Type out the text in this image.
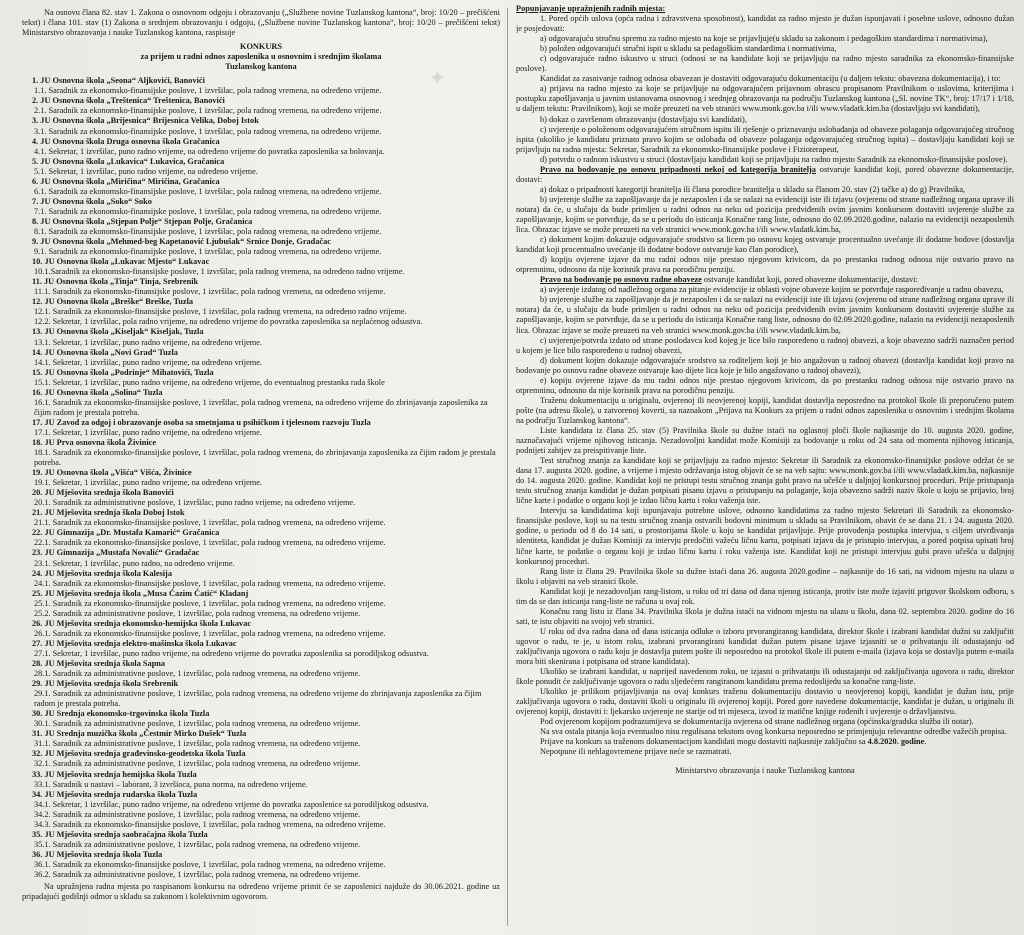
✦
Na osnovu člana 82. stav 1. Zakona o osnovnom odgoju i obrazovanju („Službene novine Tuzlanskog kantona“, broj: 10/20 – prečišćeni tekst) i člana 101. stav (1) Zakona o srednjem obrazovanju i odgoju, („Službene novine Tuzlanskog kantona“, broj: 10/20 – prečišćeni tekst) Ministarstvo obrazovanja i nauke Tuzlanskog kantona, raspisuje
KONKURS
za prijem u radni odnos zaposlenika u osnovnim i srednjim školama
Tuzlanskog kantona
1. JU Osnovna škola „Seona“ Aljkovići, Banovići
1.1. Saradnik za ekonomsko-finansijske poslove, 1 izvršilac, pola radnog vremena, na određeno vrijeme.
2. JU Osnovna škola „Treštenica“ Treštenica, Banovići
2.1. Saradnik za ekonomsko-finansijske poslove, 1 izvršilac, pola radnog vremena, na određeno vrijeme.
3. JU Osnovna škola „Brijesnica“ Brijesnica Velika, Doboj Istok
3.1. Saradnik za ekonomsko-finansijske poslove, 1 izvršilac, pola radnog vremena, na određeno vrijeme.
4. JU Osnovna škola Druga osnovna škola Gračanica
4.1. Sekretar, 1 izvršilac, puno radno vrijeme, na određeno vrijeme do povratka zaposlenika sa bolovanja.
5. JU Osnovna škola „Lukavica“ Lukavica, Gračanica
5.1. Sekretar, 1 izvršilac, puno radno vrijeme, na određeno vrijeme.
6. JU Osnovna škola „Miričina“ Miričina, Gračanica
6.1. Saradnik za ekonomsko-finansijske poslove, 1 izvršilac, pola radnog vremena, na određeno vrijeme.
7. JU Osnovna škola „Soko“ Soko
7.1. Saradnik za ekonomsko-finansijske poslove, 1 izvršilac, pola radnog vremena, na određeno vrijeme.
8. JU Osnovna škola „Stjepan Polje“ Stjepan Polje, Gračanica
8.1. Saradnik za ekonomsko-finansijske poslove, 1 izvršilac, pola radnog vremena, na određeno vrijeme.
9. JU Osnovna škola „Mehmed-beg Kapetanović Ljubušak“ Srnice Donje, Gradačac
9.1. Saradnik za ekonomsko-finansijske poslove, 1 izvršilac, pola radnog vremena, na određeno vrijeme.
10. JU Osnovna škola „Lukavac Mjesto“ Lukavac
10.1.Saradnik za ekonomsko-finansijske poslove, 1 izvršilac, pola radnog vremena, na određeno radno vrijeme.
11. JU Osnovna škola „Tinja“ Tinja, Srebrenik
11.1. Saradnik za ekonomsko-finansijske poslove, 1 izvršilac, pola radnog vremena, na određeno vrijeme.
12. JU Osnovna škola „Breške“ Breške, Tuzla
12.1. Saradnik za ekonomsko-finansijske poslove, 1 izvršilac, pola radnog vremena, na određeno radno vrijeme.
12.2. Sekretar, 1 izvršilac, pola radno vrijeme, na određeno vrijeme do povratka zaposlenika sa neplaćenog odsustva.
13. JU Osnovna škola „Kiseljak“ Kiseljak, Tuzla
13.1. Sekretar, 1 izvršilac, puno radno vrijeme, na određeno vrijeme.
14. JU Osnovna škola „Novi Grad“ Tuzla
14.1. Sekretar, 1 izvršilac, puno radno vrijeme, na određeno vrijeme.
15. JU Osnovna škola „Podrinje“ Mihatovići, Tuzla
15.1. Sekretar, 1 izvršilac, puno radno vrijeme, na određeno vrijeme, do eventualnog prestanka rada škole
16. JU Osnovna škola „Solina“ Tuzla
16.1. Saradnik za ekonomsko-finansijske poslove, 1 izvršilac, pola radnog vremena, na određeno vrijeme do zbrinjavanja zaposlenika za čijim radom je prestala potreba.
17. JU Zavod za odgoj i obrazovanje osoba sa smetnjama u psihičkom i tjelesnom razvoju Tuzla
17.1. Sekretar, 1 izvršilac, puno radno vrijeme, na određeno vrijeme.
18. JU Prva osnovna škola Živinice
18.1. Saradnik za ekonomsko-finansijske poslove, 1 izvršilac, pola radnog vremena, do zbrinjavanja zaposlenika za čijim radom je prestala potreba.
19. JU Osnovna škola „Višća“ Višća, Živinice
19.1. Sekretar, 1 izvršilac, puno radno vrijeme, na određeno vrijeme.
20. JU Mješovita srednja škola Banovići
20.1. Saradnik za administrativne poslove, 1 izvršilac, puno radno vrijeme, na određeno vrijeme.
21. JU Mješovita srednja škola Doboj Istok
21.1. Saradnik za ekonomsko-finansijske poslove, 1 izvršilac, pola radnog vremena, na određeno vrijeme.
22. JU Gimnazija „Dr. Mustafa Kamarić“ Gračanica
22.1. Saradnik za ekonomsko-finansijske poslove, 1 izvršilac, pola radnog vremena, na određeno vrijeme.
23. JU Gimnazija „Mustafa Novalić“ Gradačac
23.1. Sekretar, 1 izvršilac, puno radno, na određeno vrijeme.
24. JU Mješovita srednja škola Kalesija
24.1. Saradnik za ekonomsko-finansijske poslove, 1 izvršilac, pola radnog vremena, na određeno vrijeme.
25. JU Mješovita srednja škola „Musa Ćazim Ćatić“ Kladanj
25.1. Saradnik za ekonomsko-finansijske poslove, 1 izvršilac, pola radnog vremena, na određeno vrijeme.
25.2. Saradnik za administrativne poslove, 1 izvršilac, pola radnog vremena, na određeno vrijeme.
26. JU Mješovita srednja ekonomsko-hemijska škola Lukavac
26.1. Saradnik za ekonomsko-finansijske poslove, 1 izvršilac, pola radnog vremena, na određeno vrijeme.
27. JU Mješovita srednja elektro-mašinska škola Lukavac
27.1. Sekretar, 1 izvršilac, puno radno vrijeme, na određeno vrijeme do povratka zaposlenika sa porodiljskog odsustva.
28. JU Mješovita srednja škola Sapna
28.1. Saradnik za administrativne poslove, 1 izvršilac, pola radnog vremena, na određeno vrijeme.
29. JU Mješovita srednja škola Srebrenik
29.1. Saradnik za administrativne poslove, 1 izvršilac, pola radnog vremena, na određeno vrijeme do zbrinjavanja zaposlenika za čijim radom je prestala potreba.
30. JU Srednja ekonomsko-trgovinska škola Tuzla
30.1. Saradnik za administrativne poslove, 1 izvršilac, pola radnog vremena, na određeno vrijeme.
31. JU Srednja muzička škola „Čestmir Mirko Dušek“ Tuzla
31.1. Saradnik za administrativne poslove, 1 izvršilac, pola radnog vremena, na određeno vrijeme.
32. JU Mješovita srednja građevinsko-geodetska škola Tuzla
32.1. Saradnik za administrativne poslove, 1 izvršilac, pola radnog vremena, na određeno vrijeme.
33. JU Mješovita srednja hemijska škola Tuzla
33.1. Saradnik u nastavi – laborant, 3 izvršioca, puna norma, na određeno vrijeme.
34. JU Mješovita srednja rudarska škola Tuzla
34.1. Sekretar, 1 izvršilac, puno radno vrijeme, na određeno vrijeme do povratka zaposlenice sa porodiljskog odsustva.
34.2. Saradnik za administrativne poslove, 1 izvršilac, pola radnog vremena, na određeno vrijeme.
34.3. Saradnik za ekonomsko-finansijske poslove, 1 izvršilac, pola radnog vremena, na određeno vrijeme.
35. JU Mješovita srednja saobraćajna škola Tuzla
35.1. Saradnik za administrativne poslove, 1 izvršilac, pola radnog vremena, na određeno vrijeme.
36. JU Mješovita srednja škola Tuzla
36.1. Saradnik za ekonomsko-finansijske poslove, 1 izvršilac, pola radnog vremena, na određeno vrijeme.
36.2. Saradnik za administrativne poslove, 1 izvršilac, pola radnog vremena, na određeno vrijeme.
Na upražnjena radna mjesta po raspisanom konkursu na određeno vrijeme primit će se zaposlenici najduže do 30.06.2021. godine uz pripadajući godišnji odmor u skladu sa zakonom i kolektivnim ugovorom.
Popunjavanje upražnjenih radnih mjesta:
1. Pored općih uslova (opća radna i zdravstvena sposobnost), kandidat za radno mjesto je dužan ispunjavati i posebne uslove, odnosno dužan je posjedovati:
a) odgovarajuću stručnu spremu za radno mjesto na koje se prijavljuje(u skladu sa zakonom i pedagoškim standardima i normativima),
b) položen odgovarajući stručni ispit u skladu sa pedagoškim standardima i normativima,
c) odgovarajuće radno iskustvo u struci (odnosi se na kandidate koji se prijavljuju na radno mjesto saradnika za ekonomsko-finansijske poslove).
Kandidat za zasnivanje radnog odnosa obavezan je dostaviti odgovarajuću dokumentaciju (u daljem tekstu: obavezna dokumentacija), i to:
a) prijavu na radno mjesto za koje se prijavljuje na odgovarajućem prijavnom obrascu propisanom Pravilnikom o uslovima, kriterijima i postupku zapošljavanja u javnim ustanovama osnovnog i srednjeg obrazovanja na području Tuzlanskog kantona („Sl. novine TK“, broj: 17/17 i 1/18, u daljem tekstu: Pravilnikom), koji se može preuzeti na veb stranici www.monk.gov.ba i/ili www.vladatk.kim.ba (dostavljaju svi kandidati),
b) dokaz o završenom obrazovanju (dostavljaju svi kandidati),
c) uvjerenje o položenom odgovarajućem stručnom ispitu ili rješenje o priznavanju oslobađanja od obaveze polaganja odgovarajućeg stručnog ispita (ukoliko je kandidatu priznato pravo kojim se oslobađa od obaveze polaganja odgovarajućeg stručnog ispita) – dostavljaju kandidati koji se prijavljuju na radna mjesta: Sekretar, Saradnik za ekonomsko-finansijske poslove i Fizioterapeut,
d) potvrdu o radnom iskustvu u struci (dostavljaju kandidati koji se prijavljuju na radno mjesto Saradnik za ekonomsko-finansijske poslove).
Pravo na bodovanje po osnovu pripadnosti nekoj od kategorija branitelja ostvaruje kandidat koji, pored obavezne dokumentacije, dostavi:
a) dokaz o pripadnosti kategoriji branitelja ili člana porodice branitelja u skladu sa članom 20. stav (2) tačke a) do g) Pravilnika,
b) uvjerenje službe za zapošljavanje da je nezaposlen i da se nalazi na evidenciji iste ili izjavu (ovjerenu od strane nadležnog organa uprave ili notara) da će, u slučaju da bude primljen u radni odnos na neku od pozicija predviđenih ovim javnim konkursom dostaviti uvjerenje službe za zapošljavanje, kojim se potvrđuje, da se u periodu do isticanja Konačne rang liste, odnosno do 02.09.2020.godine, nalazio na evidenciji nezaposlenih lica. Obrazac izjave se može preuzeti na veb stranici www.monk.gov.ba i/ili www.vladatk.kim.ba,
c) dokument kojim dokazuje odgovarajuće srodstvo sa licem po osnovu kojeg ostvaruje procentualno uvećanje ili dodatne bodove (dostavlja kandidat koji procentualno uvećanje ili dodatne bodove ostvaruje kao član porodice),
d) kopiju ovjerene izjave da mu radni odnos nije prestao njegovom krivicom, da po prestanku radnog odnosa nije ostvario pravo na otpremninu, odnosno da nije korisnik prava na porodičnu penziju.
Pravo na bodovanje po osnovu radne obaveze ostvaruje kandidat koji, pored obavezne dokumentacije, dostavi:
a) uvjerenje izdatog od nadležnog organa za pitanje evidencije iz oblasti vojne obaveze kojim se potvrđuje raspoređivanje u radnu obavezu,
b) uvjerenje službe za zapošljavanje da je nezaposlen i da se nalazi na evidenciji iste ili izjavu (ovjerenu od strane nadležnog organa uprave ili notara) da će, u slučaju da bude primljen u radni odnos na neku od pozicija predviđenih ovim javnim konkursom dostaviti uvjerenje službe za zapošljavanje, kojim se potvrđuje, da se u periodu do isticanja Konačne rang liste, odnosno do 02.09.2020.godine, nalazio na evidenciji nezaposlenih lica. Obrazac izjave se može preuzeti na veb stranici www.monk.gov.ba i/ili www.vladatk.kim.ba,
c) uvjerenje/potvrda izdato od strane poslodavca kod kojeg je lice bilo raspoređeno u radnoj obavezi, a koje obavezno sadrži naznačen period u kojem je lice bilo raspoređeno u radnoj obavezi,
d) dokument kojim dokazuje odgovarajuće srodstvo sa roditeljem koji je bio angažovan u radnoj obavezi (dostavlja kandidat koji pravo na bodovanje po osnovu radne obaveze ostvaruje kao dijete lica koje je bilo angažovano u radnoj obavezi),
e) kopiju ovjerene izjave da mu radni odnos nije prestao njegovom krivicom, da po prestanku radnog odnosa nije ostvario pravo na otpremninu, odnosno da nije korisnik prava na porodičnu penziju.
Traženu dokumentaciju u originalu, ovjerenoj ili neovjerenoj kopiji, kandidat dostavlja neposredno na protokol škole ili preporučeno putem pošte (na adresu škole), u zatvorenoj koverti, sa naznakom „Prijava na Konkurs za prijem u radni odnos zaposlenika u osnovnim i srednjim školama na području Tuzlanskog kantona“.
Liste kandidata iz člana 25. stav (5) Pravilnika škole su dužne istaći na oglasnoj ploči škole najkasnije do 10. augusta 2020. godine, naznačavajući vrijeme njihovog isticanja. Nezadovoljni kandidat može Komisiji za bodovanje u roku od 24 sata od momenta njihovog isticanja, podnijeti zahtjev za preispitivanje liste.
Test stručnog znanja za kandidate koji se prijavljuju za radno mjesto: Sekretar ili Saradnik za ekonomsko-finansijske poslove održat će se dana 17. augusta 2020. godine, a vrijeme i mjesto održavanja istog objavit će se na veb sajtu: www.monk.gov.ba i/ili www.vladatk.kim.ba, najkasnije do 14. augusta 2020. godine. Kandidat koji ne pristupi testu stručnog znanja gubi pravo na učešće u daljnjoj konkursnoj proceduri. Prije pristupanja testu stručnog znanja kandidat je dužan potpisati pisanu izjavu o pristupanju na polaganje, koja obavezno sadrži naziv škole u koju se prijavio, broj lične karte i podatke o organu koji je izdao ličnu kartu i roku važenja iste.
Intervju sa kandidatima koji ispunjavaju potrebne uslove, odnosno kandidatima za radno mjesto Sekretari ili Saradnik za ekonomsko-finansijske poslove, koji su na testu stručnog znanja ostvarili bodovni minimum u skladu sa Pravilnikom, obavit će se dana 21. i 24. augusta 2020. godine, u periodu od 8 do 14 sati, u prostorijama škole u koju se kandidat prijavljuje. Prije provođenja postupka intervjua, s ciljem utvrđivanja identiteta, kandidat je dužan Komisiji za intervju predočiti važeću ličnu kartu, potpisati izjavu da je pristupio intervjuu, a pored potpisa upisati broj lične karte, te podatke o organu koji je izdao ličnu kartu i roku važenja iste. Kandidat koji ne pristupi intervjuu gubi pravo učešća u daljnjoj konkursnoj proceduri.
Rang liste iz člana 29. Pravilnika škole su dužne istaći dana 26. augusta 2020.godine – najkasnije do 16 sati, na vidnom mjestu na ulazu u školu i objaviti na veb stranici škole.
Kandidat koji je nezadovoljan rang-listom, u roku od tri dana od dana njenog isticanja, protiv iste može izjaviti prigovor školskom odboru, s tim da se dan isticanja rang-liste ne računa u ovaj rok.
Konačnu rang listu iz člana 34. Pravilnika škola je dužna istaći na vidnom mjestu na ulazu u školu, dana 02. septembra 2020. godine do 16 sati, te istu objaviti na svojoj veb stranici.
U roku od dva radna dana od dana isticanja odluke o izboru prvorangiranog kandidata, direktor škole i izabrani kandidat dužni su zaključiti ugovor o radu, te je, u istom roku, izabrani prvorangirani kandidat dužan putem pisane izjave izjasniti se o prihvatanju ili odustajanju od zaključivanja ugovora o radu koju je dostavlja putem pošte ili neposredno na protokol škole ili putem e-maila (izjava koja se dostavlja putem e-maila mora biti skenirana i potpisana od strane kandidata).
Ukoliko se izabrani kandidat, u naprijed navedenom roku, ne izjasni o prihvatanju ili odustajanju od zaključivanja ugovora o radu, direktor škole ponudit će zaključivanje ugovora o radu sljedećem rangiranom kandidatu prema redoslijedu sa konačne rang-liste.
Ukoliko je prilikom prijavljivanja na ovaj konkurs traženu dokumentaciju dostavio u neovjerenoj kopiji, kandidat je dužan istu, prije zaključivanja ugovora o radu, dostaviti školi u originalu ili ovjerenoj kopiji. Pored gore navedene dokumentacije, kandidat je dužan, u originalu ili ovjerenoj kopiji, dostaviti i: ljekarsko uvjerenje ne starije od tri mjeseca, izvod iz matične knjige rođenih i uvjerenje o državljanstvu.
Pod ovjerenom kopijom podrazumijeva se dokumentacija ovjerena od strane nadležnog organa (općinska/gradska služba ili notar).
Na sva ostala pitanja koja eventualno nisu regulisana tekstom ovog konkursa neposredno se primjenjuju relevantne odredbe važećih propisa.
Prijave na konkurs sa traženom dokumentacijom kandidati mogu dostaviti najkasnije zaključno sa 4.8.2020. godine.
Nepotpune ili neblagovremene prijave neće se razmatrati.
Ministarstvo obrazovanja i nauke Tuzlanskog kantona
